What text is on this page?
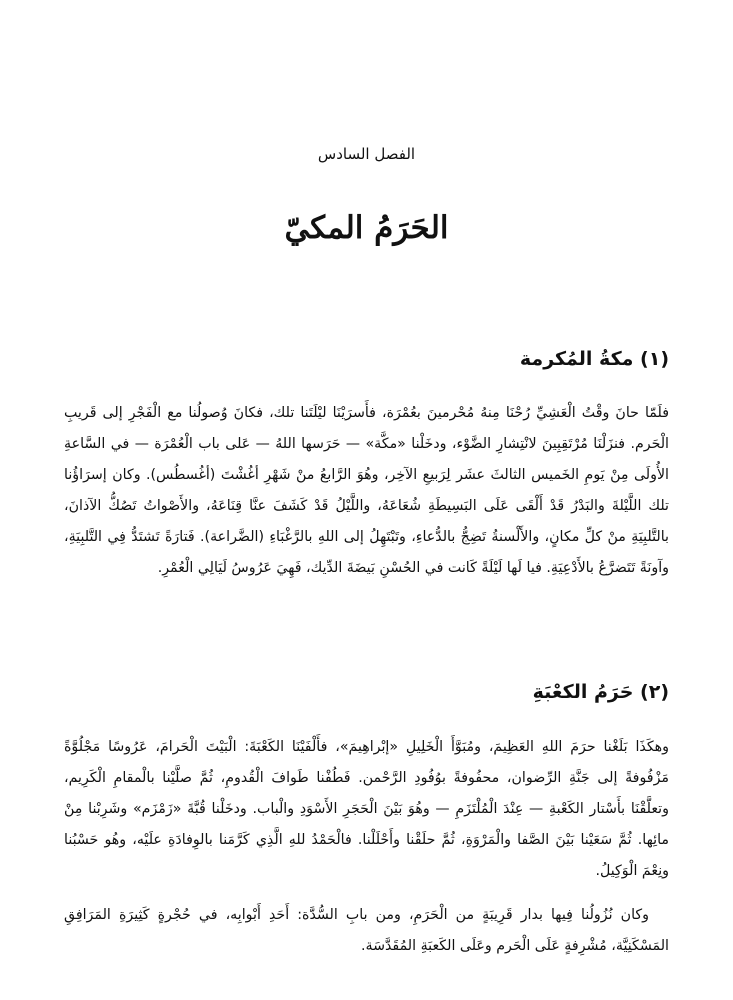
الفصل السادس
الحَرَمُ المكيّ
(١) مكةُ المُكرمة

فلَمّا حانَ وقْتُ الْعَشِيِّ رُحْنَا مِنهُ مُحْرمينَ بعُمْرَة، فأَسرَيْنَا ليْلَتَنا تلك، فكانَ وُصولُنا مع الْفَجْرِ إلى قَريبِ الْحَرم. فنزَلْنَا مُرْتَقِبِينَ لانْتِشارِ الضَّوْء، ودخَلْنا «مكَّة» — حَرَسها اللهُ — عَلى باب الْعُمْرَة — في السَّاعةِ الأُولَى مِنْ يَومِ الخَميس الثالثَ عشَر لِرَبيعِ الآخِر، وهُوَ الرَّابعُ منْ شَهْرِ أغُشْتَ (أغُسطُس). وكان إسرَاؤُنا تلك اللَّيْلةَ والبَدْرُ قَدْ أَلْقَى عَلَى البَسِيطَةِ شُعَاعَهُ، واللَّيْلُ قَدْ كَشَفَ عنَّا قِنَاعَهُ، والأَصْواتُ تَصُكُّ الآذانَ، بالتَّلبِيَةِ منْ كلِّ مكانٍ، والأَلْسنةُ تَضِجُّ بالدُّعاءِ، وتَبْتَهِلُ إلى اللهِ بالرَّغْبَاءِ (الضَّراعة). فَتارَةً تَشتَدُّ فِي التَّلبِيَةِ، وآونَةً تَتَضرَّعُ بالأَدْعِيَةِ. فيا لَها لَيْلَةً كَانت في الحُسْنِ بَيضَةَ الدِّيك، فَهِيَ عَرُوسُ لَيَالِي الْعُمْرِ.

(٢) حَرَمُ الكعْبَةِ

وهكَذَا بَلَغْنا حرَمَ اللهِ العَظِيمَ، ومُبَوَّأَ الْخَلِيلِ «إبْراهِيمَ»، فأَلْفَيْنَا الكَعْبَةَ: الْبَيْتَ الْحَرامَ، عَرُوسًا مَجْلُوَّةً مَزْفُوفةً إلى جَنَّةِ الرِّضوان، محفُوفةً بوُفُودِ الرَّحْمن. فَطُفْنا طَوافَ الْقُدومِ، ثُمَّ صلَّيْنا بالْمقامِ الْكَرِيم، وتعلَّقْنَا بأَسْتار الكَعْبةِ — عِنْدَ الْمُلْتَزَمِ — وهُوَ بَيْنَ الْحَجَرِ الأَسْوَدِ والْباب. ودخَلْنا قُبَّةَ «زَمْزَم» وشَرِبْنا مِنْ مائِها. ثُمَّ سَعَيْنا بَيْنَ الصَّفا والْمَرْوَةِ، ثُمَّ حلَقْنا وأَحْلَلْنا. فالْحَمْدُ للهِ الَّذِي كَرَّمَنا بالوِفادَةِ علَيْه، وهُو حَسْبُنا ونِعْمَ الْوَكِيلُ.

وكان نُزُولُنا فِيها بدار قَرِيبَةٍ من الْحَرَمِ، ومن بابِ السُّدَّة: أَحَدِ أَبْوابِه، في حُجْرةٍ كَثِيرَةِ المَرَافِقِ المَسْكَنِيَّة، مُشْرِفةٍ عَلَى الْحَرم وعَلَى الكَعبَةِ المُقَدَّسَة.
